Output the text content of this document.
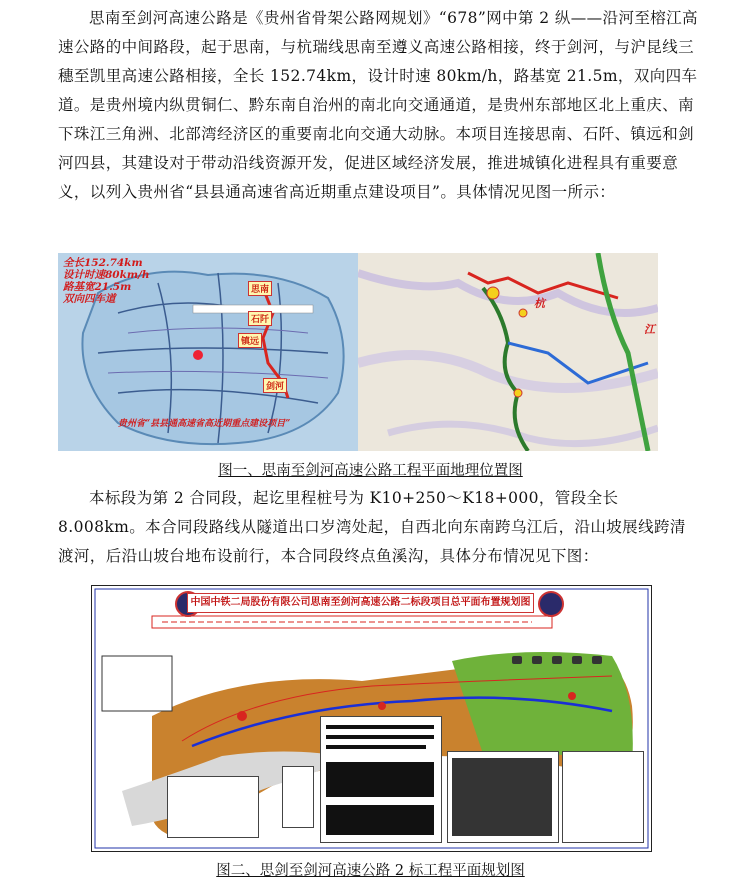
思南至剑河高速公路是《贵州省骨架公路网规划》“678”网中第 2 纵——沿河至榕江高速公路的中间路段，起于思南，与杭瑞线思南至遵义高速公路相接，终于剑河，与沪昆线三穗至凯里高速公路相接，全长 152.74km，设计时速 80km/h，路基宽 21.5m，双向四车道。是贵州境内纵贯铜仁、黔东南自治州的南北向交通通道，是贵州东部地区北上重庆、南下珠江三角洲、北部湾经济区的重要南北向交通大动脉。本项目连接思南、石阡、镇远和剑河四县，其建设对于带动沿线资源开发，促进区域经济发展，推进城镇化进程具有重要意义，以列入贵州省“县县通高速省高近期重点建设项目”。具体情况见图一所示：
全长152.74km
设计时速80km/h
路基宽21.5m
双向四车道
思南
石阡
镇远
剑河
贵州省“县县通高速省高近期重点建设项目”
杭
江
图一、思南至剑河高速公路工程平面地理位置图
本标段为第 2 合同段，起讫里程桩号为 K10+250～K18+000，管段全长 8.008km。本合同段路线从隧道出口岁湾处起，自西北向东南跨乌江后，沿山坡展线跨清渡河，后沿山坡台地布设前行，本合同段终点鱼溪沟，具体分布情况见下图：
中国中铁二局股份有限公司思南至剑河高速公路二标段项目总平面布置规划图
图二、思剑至剑河高速公路 2 标工程平面规划图
